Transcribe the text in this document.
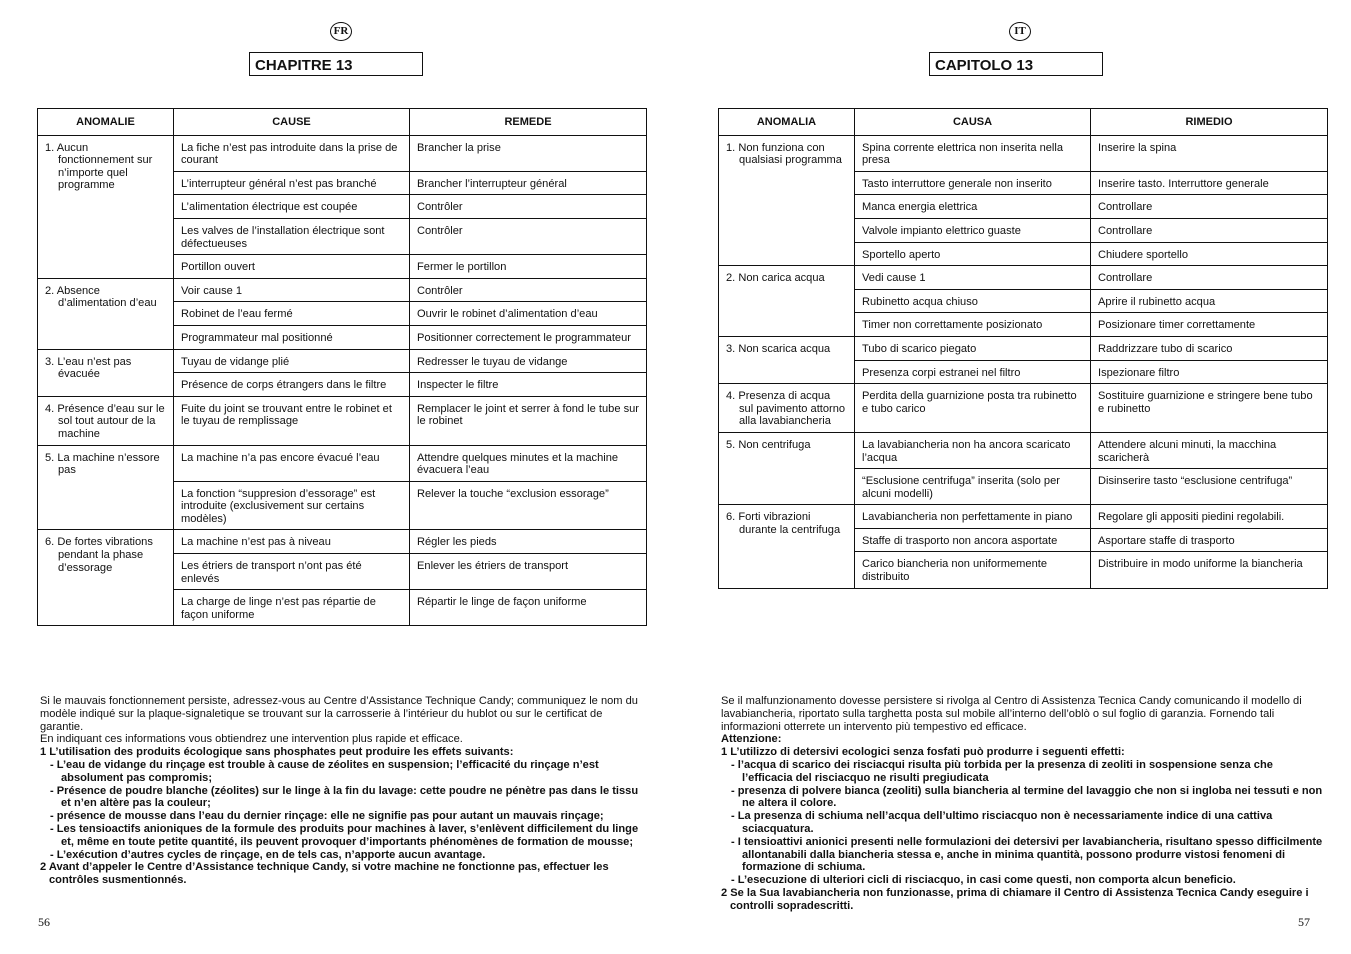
FR
CHAPITRE 13
ANOMALIE	CAUSE	REMEDE

1. Aucun fonctionnement sur n’importe quel programme	La fiche n’est pas introduite dans la prise de courant	Brancher la prise
	L’interrupteur général n’est pas branché	Brancher l’interrupteur général
	L’alimentation électrique est coupée	Contrôler
	Les valves de l’installation électrique sont défectueuses	Contrôler
	Portillon ouvert	Fermer le portillon

2. Absence d’alimentation d’eau	Voir cause 1	Contrôler
	Robinet de l’eau fermé	Ouvrir le robinet d’alimentation d’eau
	Programmateur mal positionné	Positionner correctement le programmateur

3. L’eau n’est pas évacuée	Tuyau de vidange plié	Redresser le tuyau de vidange
	Présence de corps étrangers dans le filtre	Inspecter le filtre

4. Présence d’eau sur le sol tout autour de la machine	Fuite du joint se trouvant entre le robinet et le tuyau de remplissage	Remplacer le joint et serrer à fond le tube sur le robinet

5. La machine n’essore pas	La machine n’a pas encore évacué l’eau	Attendre quelques minutes et la machine évacuera l’eau
	La fonction “suppresion d’essorage” est introduite (exclusivement sur certains modèles)	Relever la touche “exclusion essorage”

6. De fortes vibrations pendant la phase d’essorage	La machine n’est pas à niveau	Régler les pieds
	Les étriers de transport n’ont pas été enlevés	Enlever les étriers de transport
	La charge de linge n’est pas répartie de façon uniforme	Répartir le linge de façon uniforme

Si le mauvais fonctionnement persiste, adressez-vous au Centre d’Assistance Technique Candy; communiquez le nom du modèle indiqué sur la plaque-signaletique se trouvant sur la carrosserie à l’intérieur du hublot ou sur le certificat de garantie.

En indiquant ces informations vous obtiendrez une intervention plus rapide et efficace.

1 L’utilisation des produits écologique sans phosphates peut produire les effets suivants:

- L’eau de vidange du rinçage est trouble à cause de zéolites en suspension; l’efficacité du rinçage n’est absolument pas compromis;

- Présence de poudre blanche (zéolites) sur le linge à la fin du lavage: cette poudre ne pénètre pas dans le tissu et n’en altère pas la couleur;

- présence de mousse dans l’eau du dernier rinçage: elle ne signifie pas pour autant un mauvais rinçage;

- Les tensioactifs anioniques de la formule des produits pour machines à laver, s’enlèvent difficilement du linge et, même en toute petite quantité, ils peuvent provoquer d’importants phénomènes de formation de mousse;

- L’exécution d’autres cycles de rinçage, en de tels cas, n’apporte aucun avantage.

2 Avant d’appeler le Centre d’Assistance technique Candy, si votre machine ne fonctionne pas, effectuer les contrôles susmentionnés.

56
IT
CAPITOLO 13
ANOMALIA	CAUSA	RIMEDIO

1. Non funziona con qualsiasi programma	Spina corrente elettrica non inserita nella presa	Inserire la spina
	Tasto interruttore generale non inserito	Inserire tasto. Interruttore generale
	Manca energia elettrica	Controllare
	Valvole impianto elettrico guaste	Controllare
	Sportello aperto	Chiudere sportello

2. Non carica acqua	Vedi cause 1	Controllare
	Rubinetto acqua chiuso	Aprire il rubinetto acqua
	Timer non correttamente posizionato	Posizionare timer correttamente

3. Non scarica acqua	Tubo di scarico piegato	Raddrizzare tubo di scarico
	Presenza corpi estranei nel filtro	Ispezionare filtro

4. Presenza di acqua sul pavimento attorno alla lavabiancheria	Perdita della guarnizione posta tra rubinetto e tubo carico	Sostituire guarnizione e stringere bene tubo e rubinetto

5. Non centrifuga	La lavabiancheria non ha ancora scaricato l’acqua	Attendere alcuni minuti, la macchina scaricherà
	“Esclusione centrifuga” inserita (solo per alcuni modelli)	Disinserire tasto “esclusione centrifuga”

6. Forti vibrazioni durante la centrifuga	Lavabiancheria non perfettamente in piano	Regolare gli appositi piedini regolabili.
	Staffe di trasporto non ancora asportate	Asportare staffe di trasporto
	Carico biancheria non uniformemente distribuito	Distribuire in modo uniforme la biancheria

Se il malfunzionamento dovesse persistere si rivolga al Centro di Assistenza Tecnica Candy comunicando il modello di lavabiancheria, riportato sulla targhetta posta sul mobile all’interno dell’oblò o sul foglio di garanzia. Fornendo tali informazioni otterrete un intervento più tempestivo ed efficace.

Attenzione:

1 L’utilizzo di detersivi ecologici senza fosfati può produrre i seguenti effetti:

- l’acqua di scarico dei risciacqui risulta più torbida per la presenza di zeoliti in sospensione senza che l’efficacia del risciacquo ne risulti pregiudicata

- presenza di polvere bianca (zeoliti) sulla biancheria al termine del lavaggio che non si ingloba nei tessuti e non ne altera il colore.

- La presenza di schiuma nell’acqua dell’ultimo risciacquo non è necessariamente indice di una cattiva sciacquatura.

- I tensioattivi anionici presenti nelle formulazioni dei detersivi per lavabiancheria, risultano spesso difficilmente allontanabili dalla biancheria stessa e, anche in minima quantità, possono produrre vistosi fenomeni di formazione di schiuma.

- L’esecuzione di ulteriori cicli di risciacquo, in casi come questi, non comporta alcun beneficio.

2 Se la Sua lavabiancheria non funzionasse, prima di chiamare il Centro di Assistenza Tecnica Candy eseguire i controlli sopradescritti.

57
